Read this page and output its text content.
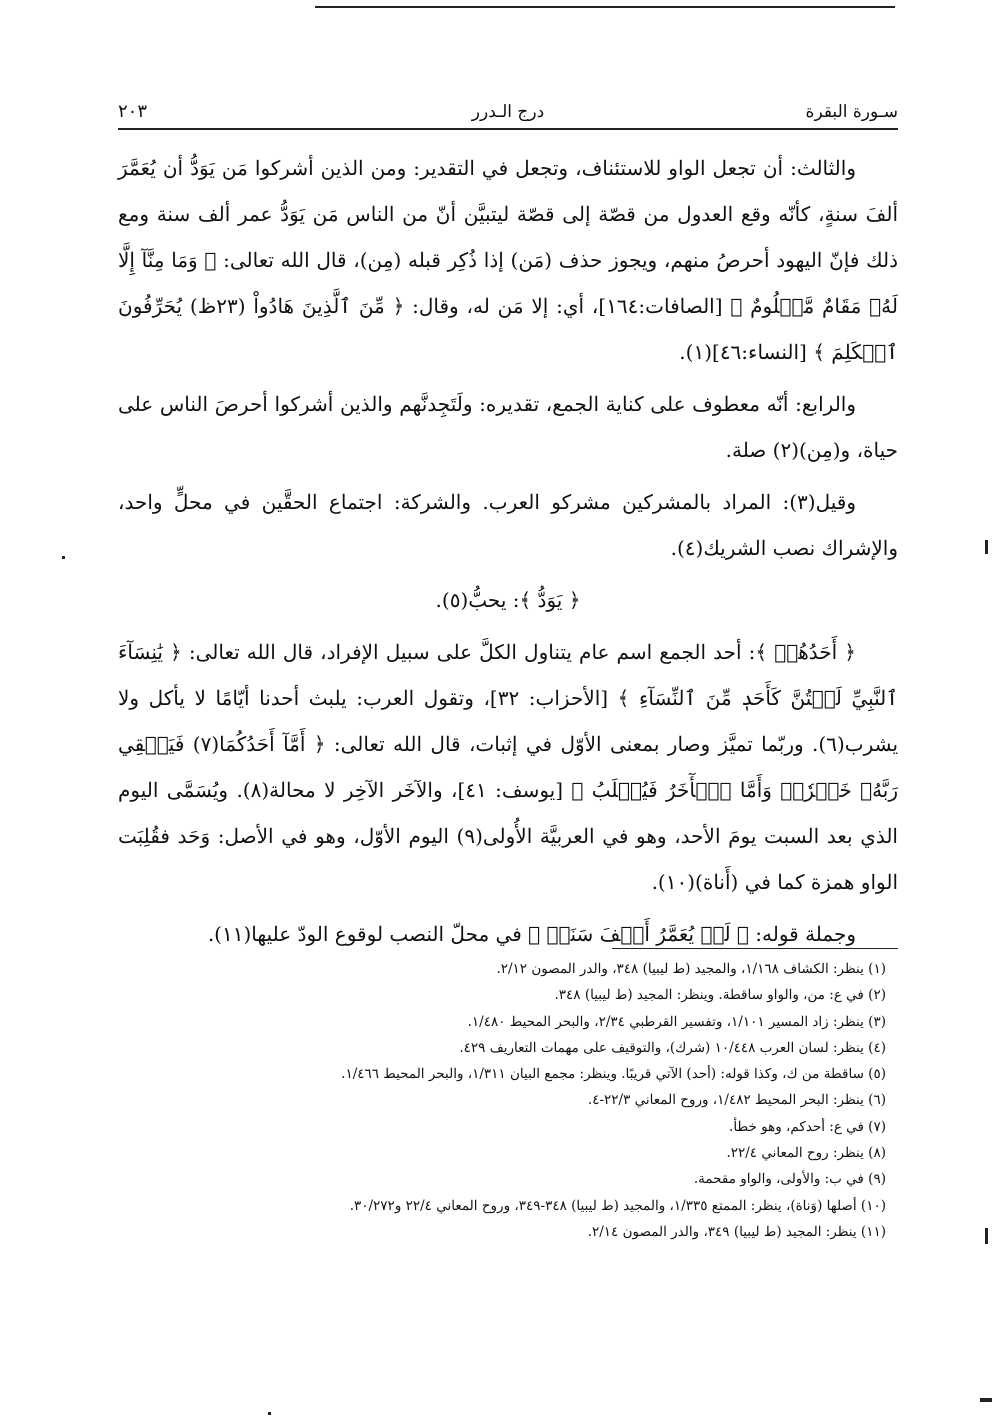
سـورة البقرة
درج الـدرر
٢٠٣

والثالث: أن تجعل الواو للاستئناف، وتجعل في التقدير: ومن الذين أشركوا مَن يَوَدُّ أن يُعَمَّرَ ألفَ سنةٍ، كأنّه وقع العدول من قصّة إلى قصّة ليتبيَّن أنّ من الناس مَن يَوَدُّ عمر ألف سنة ومع ذلك فإنّ اليهود أحرصُ منهم، ويجوز حذف (مَن) إذا ذُكِر قبله (مِن)، قال الله تعالى: ﴿ وَمَا مِنَّآ إِلَّا لَهُۥ مَقَامٌ مَّعۡلُومٌ ﴾ [الصافات:١٦٤]، أي: إلا مَن له، وقال: ﴿ مِّنَ ٱلَّذِينَ هَادُواْ (٢٣ظ) يُحَرِّفُونَ ٱلۡكَلِمَ ﴾ [النساء:٤٦](١).

والرابع: أنّه معطوف على كناية الجمع، تقديره: ولَتَجِدنَّهم والذين أشركوا أحرصَ الناس على حياة، و(مِن)(٢) صلة.

وقيل(٣): المراد بالمشركين مشركو العرب. والشركة: اجتماع الحقَّين في محلٍّ واحد، والإشراك نصب الشريك(٤).

﴿ يَوَدُّ ﴾: يحبُّ(٥).

﴿ أَحَدُهُمۡ ﴾: أحد الجمع اسم عام يتناول الكلَّ على سبيل الإفراد، قال الله تعالى: ﴿ يَٰنِسَآءَ ٱلنَّبِيِّ لَسۡتُنَّ كَأَحَدٖ مِّنَ ٱلنِّسَآءِ ﴾ [الأحزاب: ٣٢]، وتقول العرب: يلبث أحدنا أيّامًا لا يأكل ولا يشرب(٦). وربّما تميَّز وصار بمعنى الأوّل في إثبات، قال الله تعالى: ﴿ أَمَّآ أَحَدُكُمَا(٧) فَيَسۡقِي رَبَّهُۥ خَمۡرٗاۖ وَأَمَّا ٱلۡأٓخَرُ فَيُصۡلَبُ ﴾ [يوسف: ٤١]، والآخَر الآخِر لا محالة(٨). ويُسَمَّى اليوم الذي بعد السبت يومَ الأحد، وهو في العربيَّة الأُولى(٩) اليوم الأوّل، وهو في الأصل: وَحَد فقُلِبَت الواو همزة كما في (أَناة)(١٠).

وجملة قوله: ﴿ لَوۡ يُعَمَّرُ أَلۡفَ سَنَةٖ ﴾ في محلّ النصب لوقوع الودّ عليها(١١).

(١) ينظر: الكشاف ١/١٦٨، والمجيد (ط ليبيا) ٣٤٨، والدر المصون ٢/١٢.
(٢) في ع: من، والواو ساقطة. وينظر: المجيد (ط ليبيا) ٣٤٨.
(٣) ينظر: زاد المسير ١/١٠١، وتفسير القرطبي ٢/٣٤، والبحر المحيط ١/٤٨٠.
(٤) ينظر: لسان العرب ١٠/٤٤٨ (شرك)، والتوقيف على مهمات التعاريف ٤٢٩.
(٥) ساقطة من ك، وكذا قوله: (أحد) الآتي قريبًا. وينظر: مجمع البيان ١/٣١١، والبحر المحيط ١/٤٦٦.
(٦) ينظر: البحر المحيط ١/٤٨٢، وروح المعاني ٢٢/٣-٤.
(٧) في ع: أحدكم، وهو خطأ.
(٨) ينظر: روح المعاني ٢٢/٤.
(٩) في ب: والأولى، والواو مقحمة.
(١٠) أصلها (وَناة)، ينظر: الممتع ١/٣٣٥، والمجيد (ط ليبيا) ٣٤٨-٣٤٩، وروح المعاني ٢٢/٤ و٣٠/٢٧٢.
(١١) ينظر: المجيد (ط ليبيا) ٣٤٩، والدر المصون ٢/١٤.
